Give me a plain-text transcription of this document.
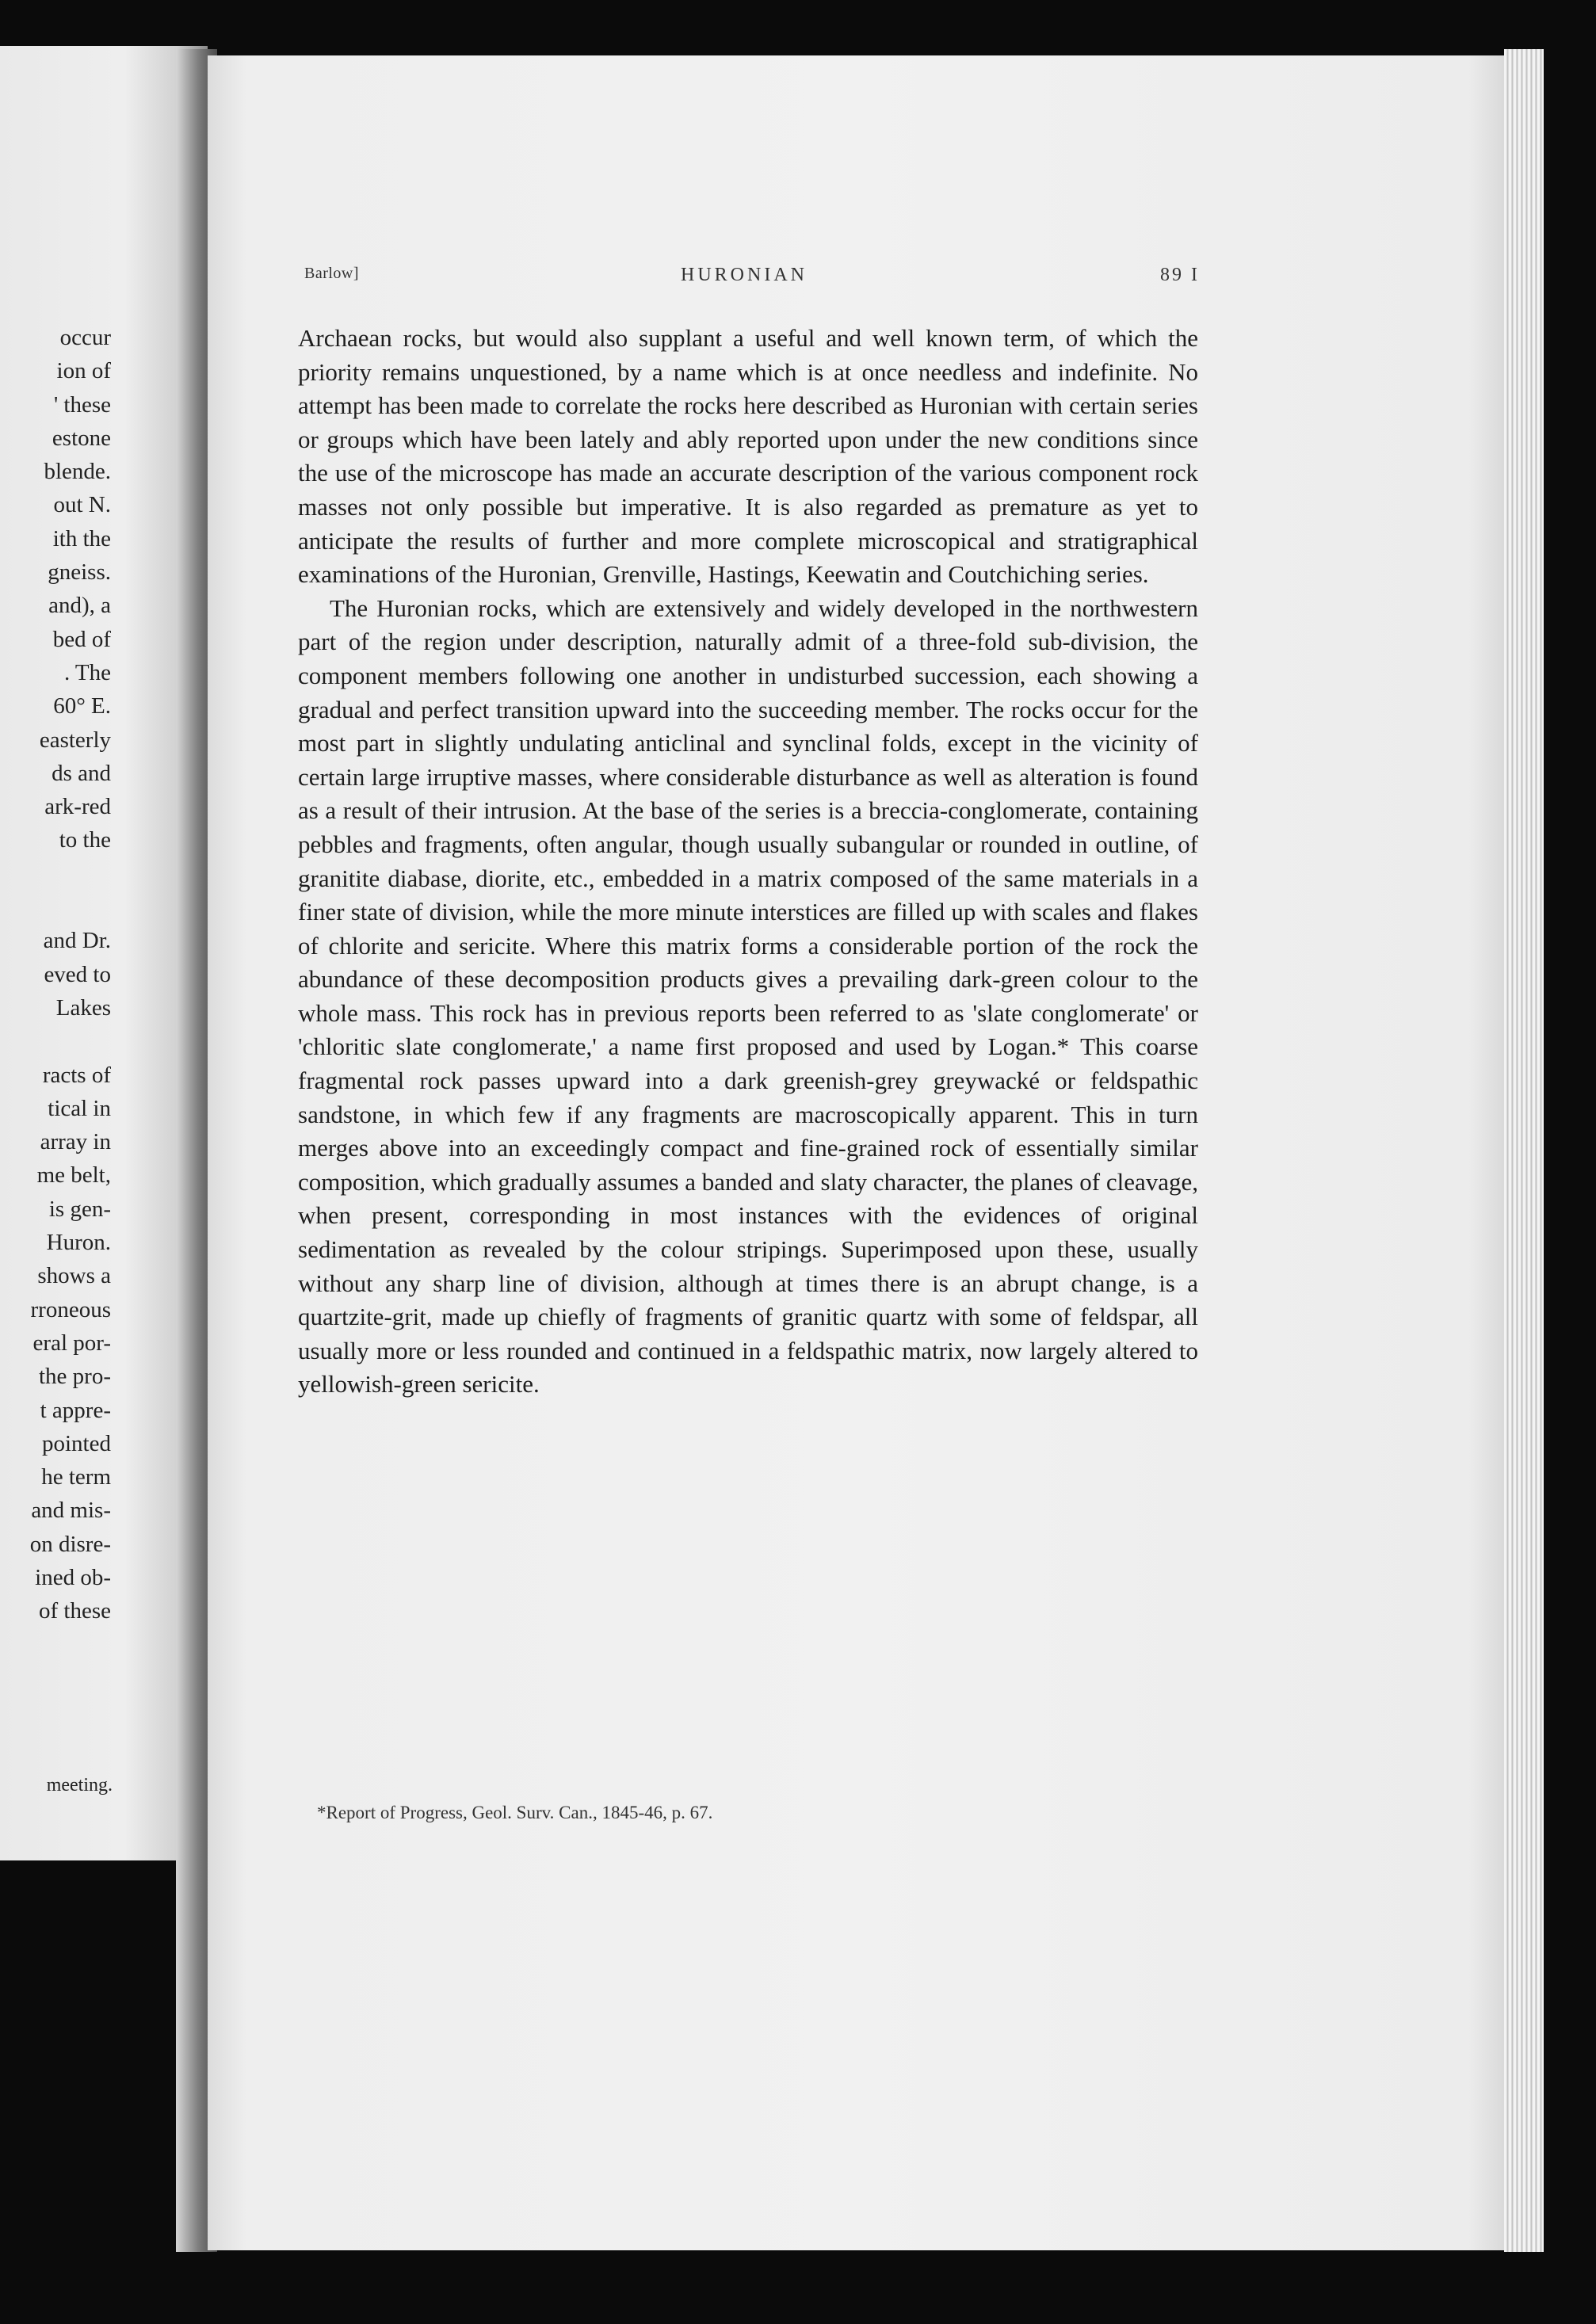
occur
ion of
' these
estone
blende.
out N.
ith the
gneiss.
and), a
bed of
. The
60° E.
easterly
ds and
ark-red
to the
and Dr.
eved to
Lakes
racts of
tical in
array in
me belt,
is gen-
Huron.
shows a
rroneous
eral por-
the pro-
t appre-
pointed
he term
and mis-
on disre-
ined ob-
of these
meeting.
Barlow]	HURONIAN	89 I

Archaean rocks, but would also supplant a useful and well known term, of which the priority remains unquestioned, by a name which is at once needless and indefinite. No attempt has been made to correlate the rocks here described as Huronian with certain series or groups which have been lately and ably reported upon under the new conditions since the use of the microscope has made an accurate description of the various component rock masses not only possible but imperative. It is also regarded as premature as yet to anticipate the results of further and more complete microscopical and stratigraphical examinations of the Huronian, Grenville, Hastings, Keewatin and Coutchiching series.

The Huronian rocks, which are extensively and widely developed in the northwestern part of the region under description, naturally admit of a three-fold sub-division, the component members following one another in undisturbed succession, each showing a gradual and perfect transition upward into the succeeding member. The rocks occur for the most part in slightly undulating anticlinal and synclinal folds, except in the vicinity of certain large irruptive masses, where considerable disturbance as well as alteration is found as a result of their intrusion. At the base of the series is a breccia-conglomerate, containing pebbles and fragments, often angular, though usually subangular or rounded in outline, of granitite diabase, diorite, etc., embedded in a matrix composed of the same materials in a finer state of division, while the more minute interstices are filled up with scales and flakes of chlorite and sericite. Where this matrix forms a considerable portion of the rock the abundance of these decomposition products gives a prevailing dark-green colour to the whole mass. This rock has in previous reports been referred to as 'slate conglomerate' or 'chloritic slate conglomerate,' a name first proposed and used by Logan.* This coarse fragmental rock passes upward into a dark greenish-grey greywacké or feldspathic sandstone, in which few if any fragments are macroscopically apparent. This in turn merges above into an exceedingly compact and fine-grained rock of essentially similar composition, which gradually assumes a banded and slaty character, the planes of cleavage, when present, corresponding in most instances with the evidences of original sedimentation as revealed by the colour stripings. Superimposed upon these, usually without any sharp line of division, although at times there is an abrupt change, is a quartzite-grit, made up chiefly of fragments of granitic quartz with some of feldspar, all usually more or less rounded and continued in a feldspathic matrix, now largely altered to yellowish-green sericite.

*Report of Progress, Geol. Surv. Can., 1845-46, p. 67.
